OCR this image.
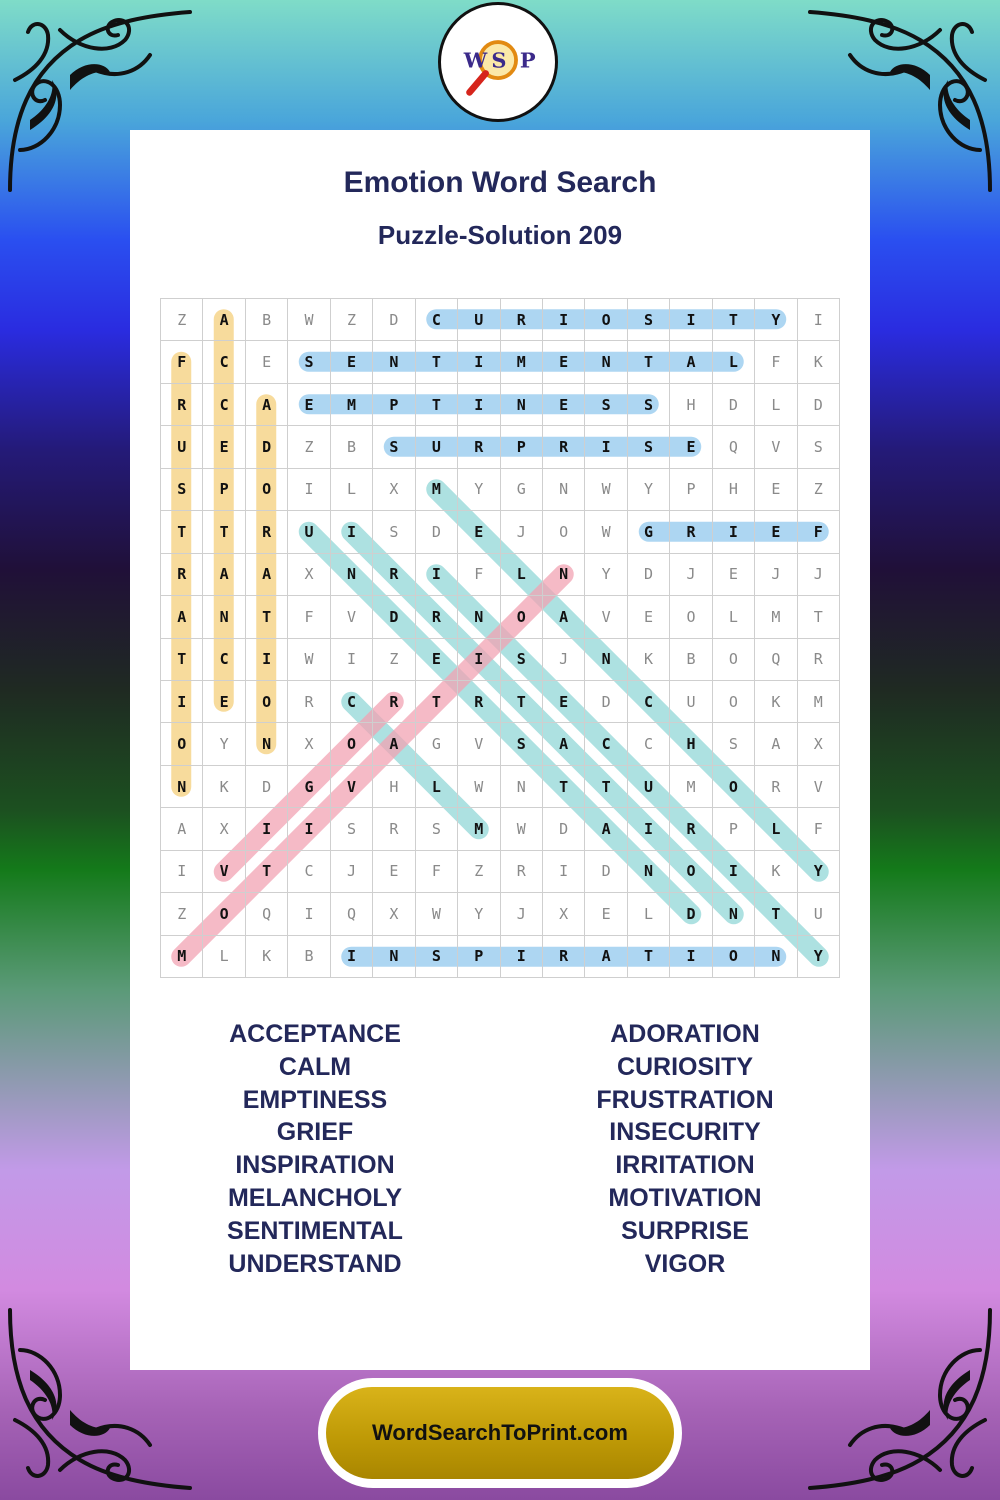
W S P
Emotion Word Search
Puzzle-Solution 209
Z	A	B	W	Z	D	C	U	R	I	O	S	I	T	Y	I
F	C	E	S	E	N	T	I	M	E	N	T	A	L	F	K
R	C	A	E	M	P	T	I	N	E	S	S	H	D	L	D
U	E	D	Z	B	S	U	R	P	R	I	S	E	Q	V	S
S	P	O	I	L	X	M	Y	G	N	W	Y	P	H	E	Z
T	T	R	U	I	S	D	E	J	O	W	G	R	I	E	F
R	A	A	X	N	R	I	F	L	N	Y	D	J	E	J	J
A	N	T	F	V	D	R	N	O	A	V	E	O	L	M	T
T	C	I	W	I	Z	E	I	S	J	N	K	B	O	Q	R
I	E	O	R	C	R	T	R	T	E	D	C	U	O	K	M
O	Y	N	X	O	A	G	V	S	A	C	C	H	S	A	X
N	K	D	G	V	H	L	W	N	T	T	U	M	O	R	V
A	X	I	I	S	R	S	M	W	D	A	I	R	P	L	F
I	V	T	C	J	E	F	Z	R	I	D	N	O	I	K	Y
Z	O	Q	I	Q	X	W	Y	J	X	E	L	D	N	T	U
M	L	K	B	I	N	S	P	I	R	A	T	I	O	N	Y
ACCEPTANCE
CALM
EMPTINESS
GRIEF
INSPIRATION
MELANCHOLY
SENTIMENTAL
UNDERSTAND
ADORATION
CURIOSITY
FRUSTRATION
INSECURITY
IRRITATION
MOTIVATION
SURPRISE
VIGOR
WordSearchToPrint.com
